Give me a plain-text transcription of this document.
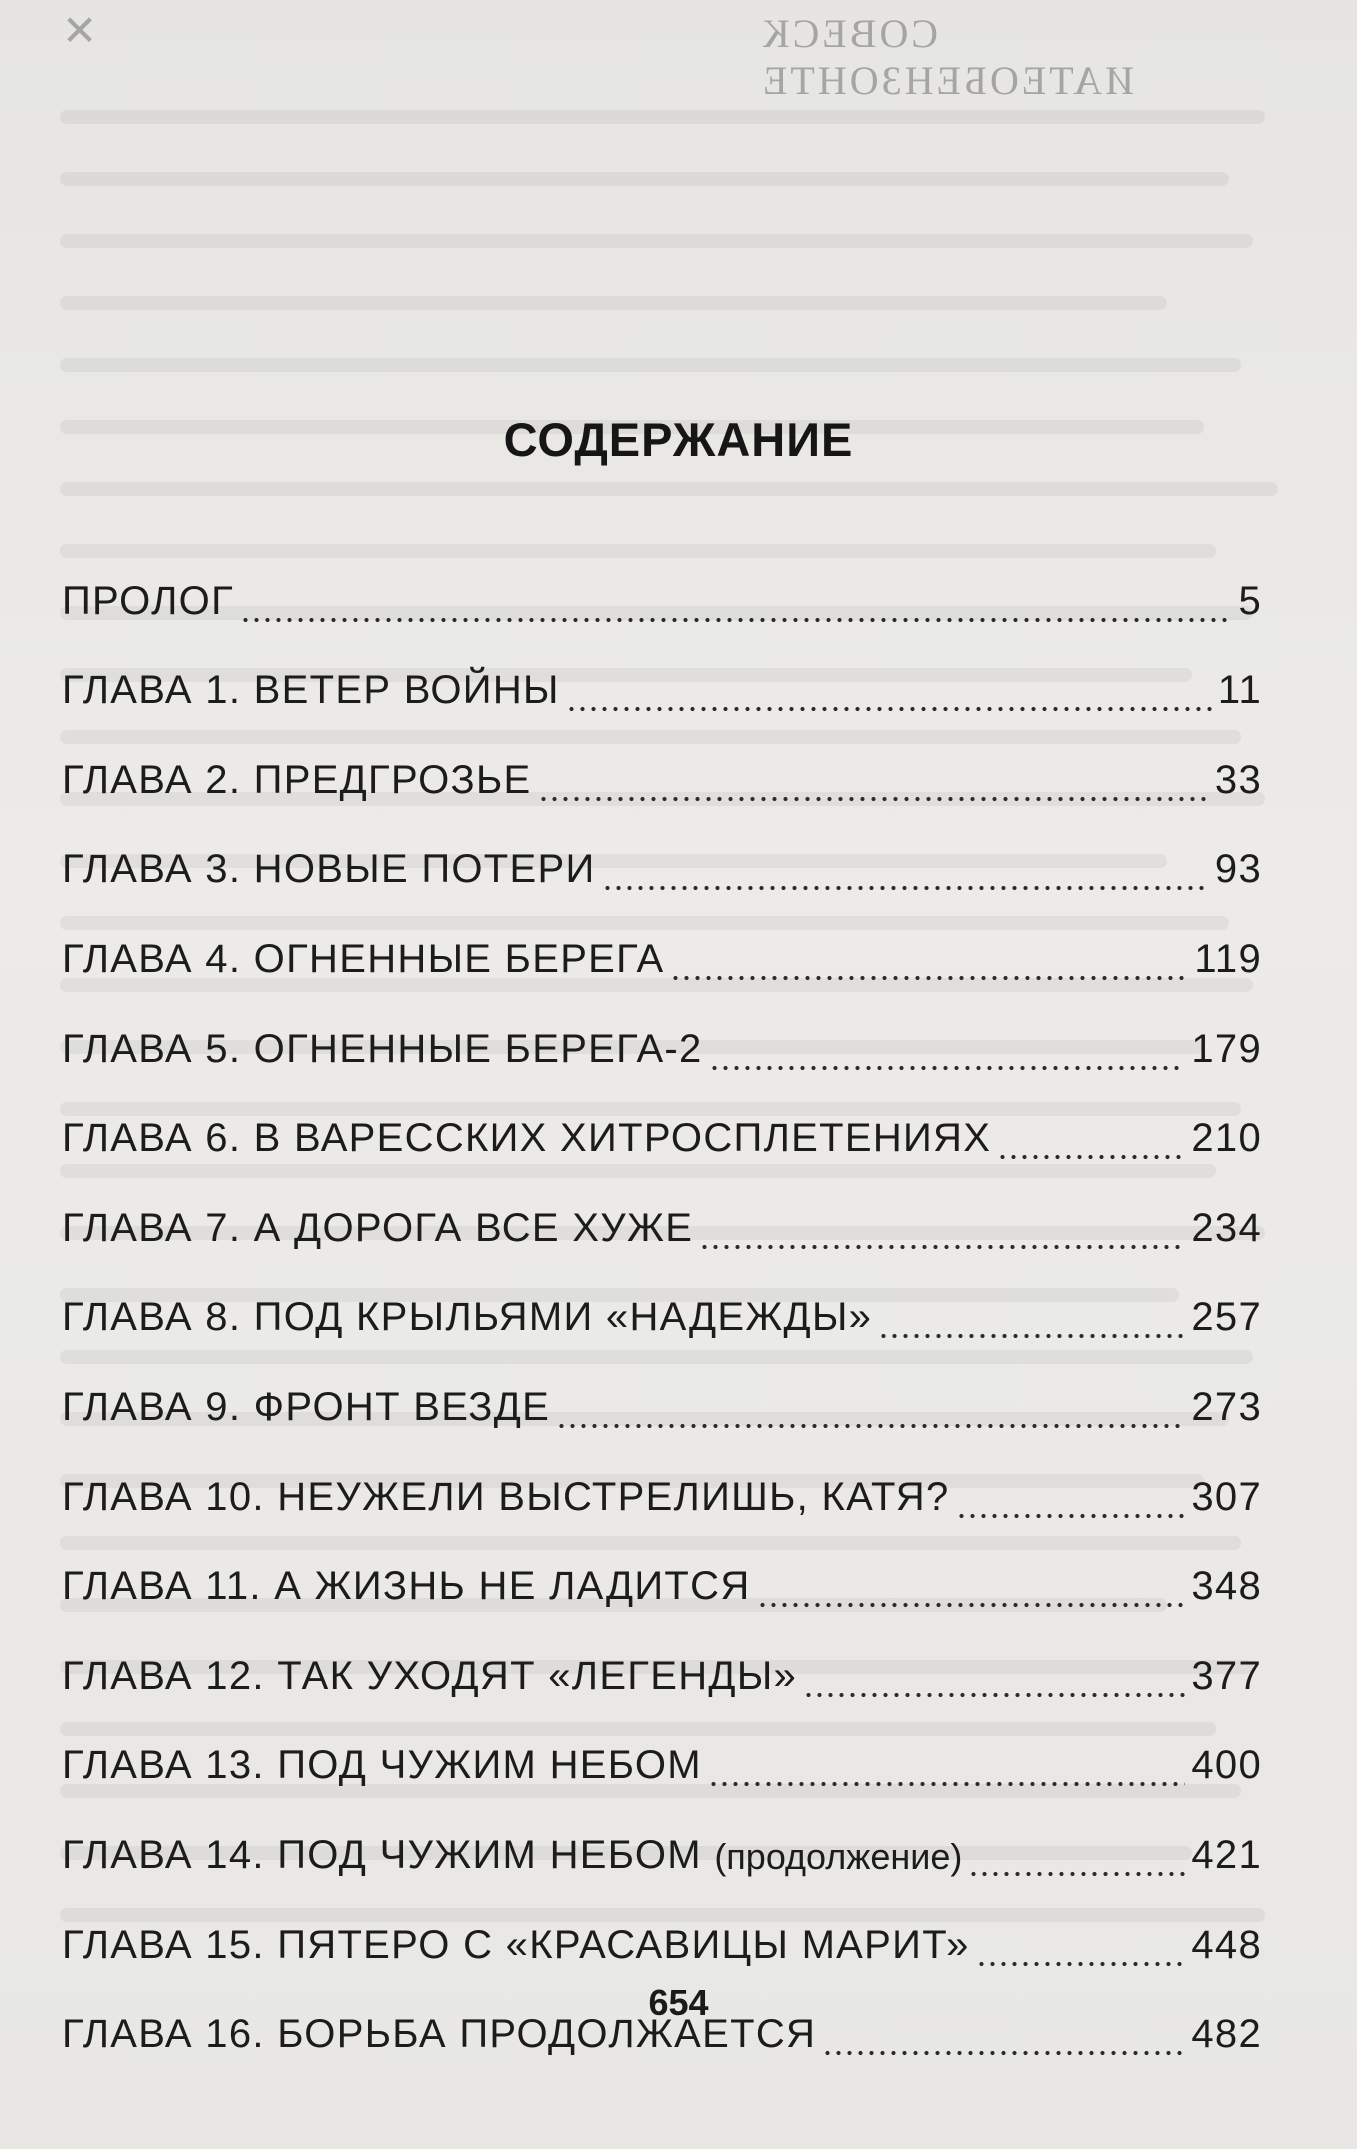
✕	СОВЕСК ИАТЕОБЕНЗОНТЕ
СОДЕРЖАНИЕ
ПРОЛОГ	5
ГЛАВА 1. ВЕТЕР ВОЙНЫ	11
ГЛАВА 2. ПРЕДГРОЗЬЕ	33
ГЛАВА 3. НОВЫЕ ПОТЕРИ	93
ГЛАВА 4. ОГНЕННЫЕ БЕРЕГА	119
ГЛАВА 5. ОГНЕННЫЕ БЕРЕГА-2	179
ГЛАВА 6. В ВАРЕССКИХ ХИТРОСПЛЕТЕНИЯХ	210
ГЛАВА 7. А ДОРОГА ВСЕ ХУЖЕ	234
ГЛАВА 8. ПОД КРЫЛЬЯМИ «НАДЕЖДЫ»	257
ГЛАВА 9. ФРОНТ ВЕЗДЕ	273
ГЛАВА 10. НЕУЖЕЛИ ВЫСТРЕЛИШЬ, КАТЯ?	307
ГЛАВА 11. А ЖИЗНЬ НЕ ЛАДИТСЯ	348
ГЛАВА 12. ТАК УХОДЯТ «ЛЕГЕНДЫ»	377
ГЛАВА 13. ПОД ЧУЖИМ НЕБОМ	400
ГЛАВА 14. ПОД ЧУЖИМ НЕБОМ
(продолжение)	421
ГЛАВА 15. ПЯТЕРО С «КРАСАВИЦЫ МАРИТ»	448
ГЛАВА 16. БОРЬБА ПРОДОЛЖАЕТСЯ	482
654
